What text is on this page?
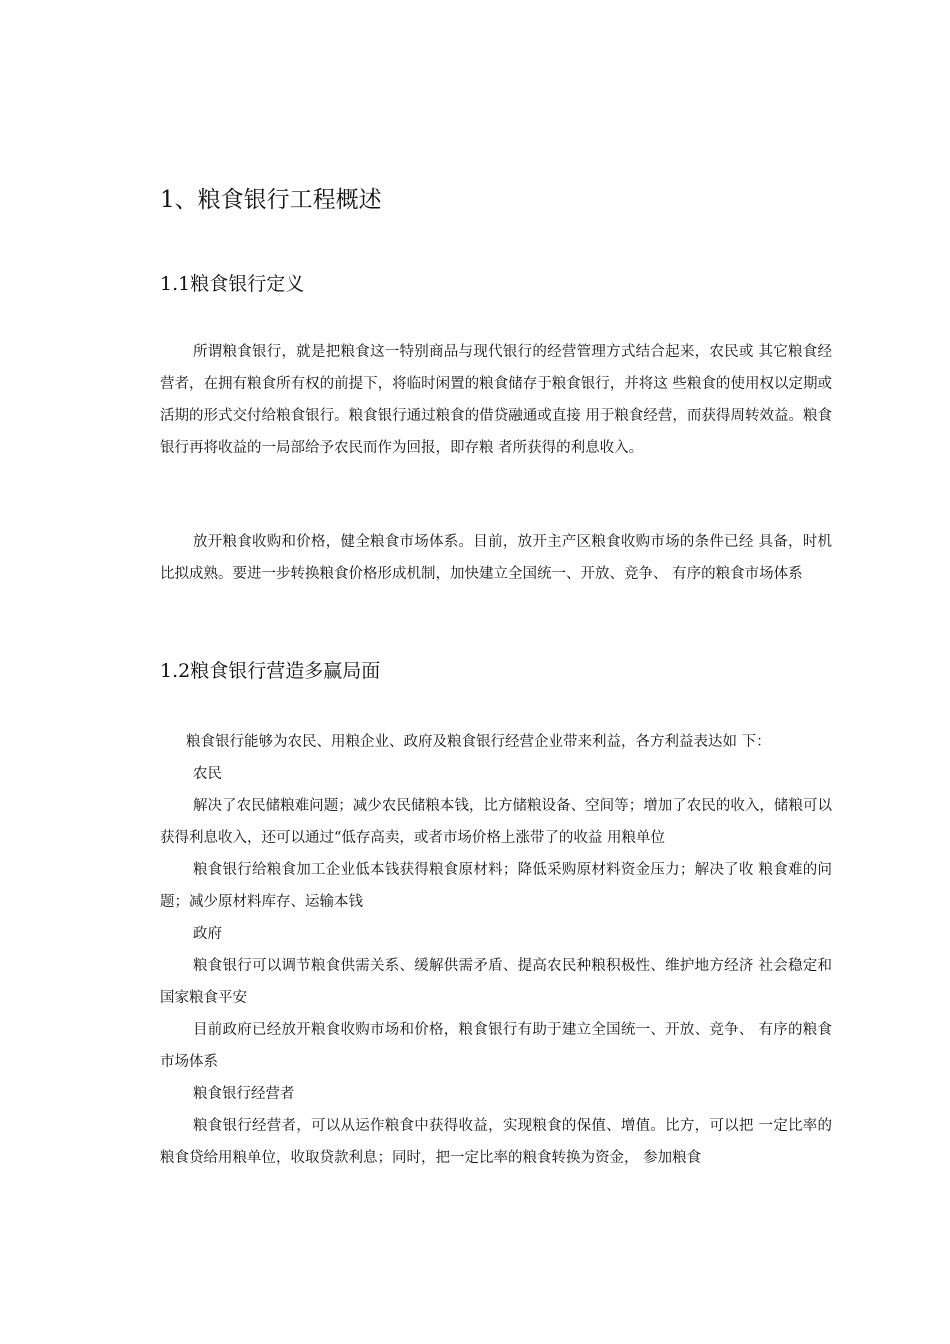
1、粮食银行工程概述
1.1粮食银行定义

所谓粮食银行，就是把粮食这一特别商品与现代银行的经营管理方式结合起来，农民或 其它粮食经营者，在拥有粮食所有权的前提下，将临时闲置的粮食储存于粮食银行，并将这 些粮食的使用权以定期或活期的形式交付给粮食银行。粮食银行通过粮食的借贷融通或直接 用于粮食经营，而获得周转效益。粮食银行再将收益的一局部给予农民而作为回报，即存粮 者所获得的利息收入。

放开粮食收购和价格，健全粮食市场体系。目前，放开主产区粮食收购市场的条件已经 具备，时机比拟成熟。要进一步转换粮食价格形成机制，加快建立全国统一、开放、竞争、 有序的粮食市场体系

1.2粮食银行营造多赢局面

粮食银行能够为农民、用粮企业、政府及粮食银行经营企业带来利益，各方利益表达如 下：

农民

解决了农民储粮难问题；减少农民储粮本钱，比方储粮设备、空间等；增加了农民的收入，储粮可以获得利息收入，还可以通过“低存高卖，或者市场价格上涨带了的收益 用粮单位

粮食银行给粮食加工企业低本钱获得粮食原材料；降低采购原材料资金压力；解决了收 粮食难的问题；减少原材料库存、运输本钱

政府

粮食银行可以调节粮食供需关系、缓解供需矛盾、提高农民种粮积极性、维护地方经济 社会稳定和国家粮食平安

目前政府已经放开粮食收购市场和价格，粮食银行有助于建立全国统一、开放、竞争、 有序的粮食市场体系

粮食银行经营者

粮食银行经营者，可以从运作粮食中获得收益，实现粮食的保值、增值。比方，可以把 一定比率的粮食贷给用粮单位，收取贷款利息；同时，把一定比率的粮食转换为资金， 参加粮食
